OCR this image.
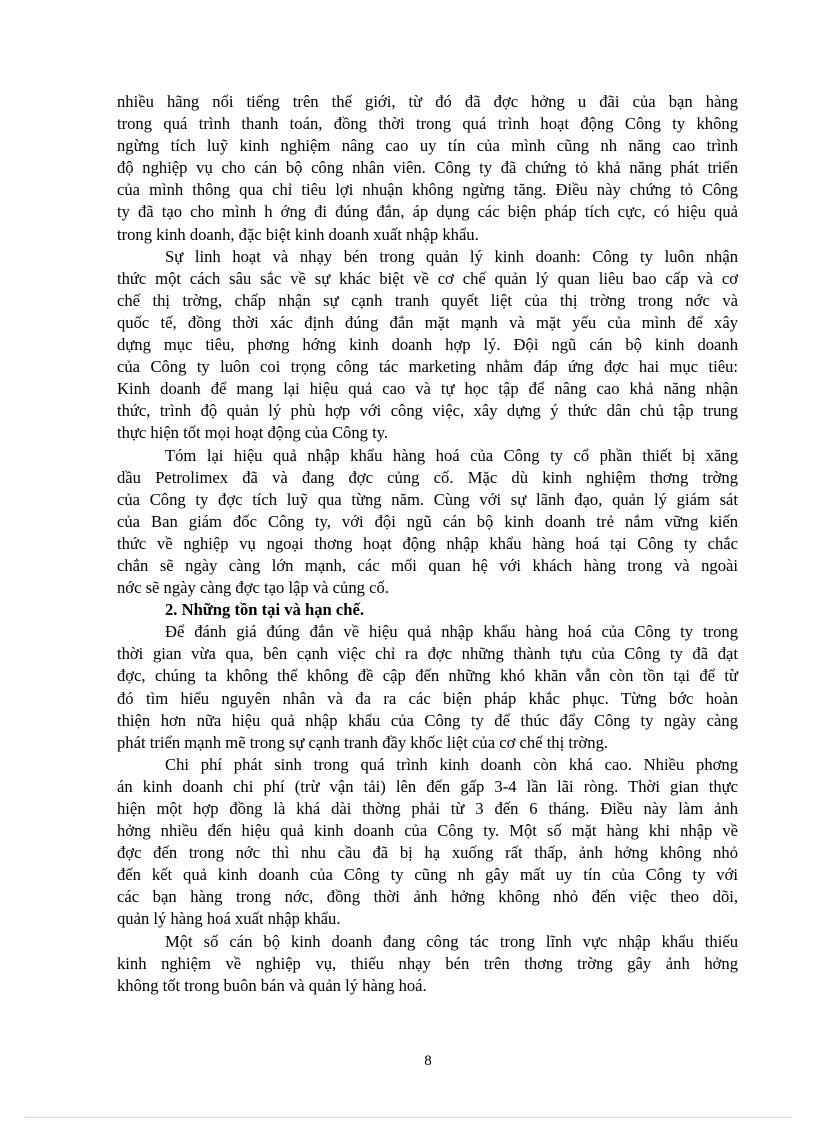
nhiều hãng nổi tiếng trên thế giới, từ đó đã đợc hởng u đãi của bạn hàng
trong quá trình thanh toán, đồng thời trong quá trình hoạt động Công ty không
ngừng tích luỹ kinh nghiệm nâng cao uy tín của mình cũng nh năng cao trình
độ nghiệp vụ cho cán bộ công nhân viên. Công ty đã chứng tỏ khả năng phát triển
của mình thông qua chỉ tiêu lợi nhuận không ngừng tăng. Điều này chứng tỏ Công
ty đã tạo cho mình h ớng đi đúng đắn, áp dụng các biện pháp tích cực, có hiệu quả
trong kinh doanh, đặc biệt kinh doanh xuất nhập khẩu.
Sự linh hoạt và nhạy bén trong quản lý kinh doanh: Công ty luôn nhận
thức một cách sâu sắc về sự khác biệt về cơ chế quản lý quan liêu bao cấp và cơ
chế thị trờng, chấp nhận sự cạnh tranh quyết liệt của thị trờng trong nớc và
quốc tế, đồng thời xác định đúng đắn mặt mạnh và mặt yếu của mình để xây
dựng mục tiêu, phơng hớng kinh doanh hợp lý. Đội ngũ cán bộ kinh doanh
của Công ty luôn coi trọng công tác marketing nhằm đáp ứng đợc hai mục tiêu:
Kinh doanh để mang lại hiệu quả cao và tự học tập để nâng cao khả năng nhận
thức, trình độ quản lý phù hợp với công việc, xây dựng ý thức dân chủ tập trung
thực hiện tốt mọi hoạt động của Công ty.
Tóm lại hiệu quả nhập khẩu hàng hoá của Công ty cổ phần thiết bị xăng
dầu Petrolimex đã và đang đợc củng cố. Mặc dù kinh nghiệm thơng trờng
của Công ty đợc tích luỹ qua từng năm. Cùng với sự lãnh đạo, quản lý giám sát
của Ban giám đốc Công ty, với đội ngũ cán bộ kinh doanh trẻ nắm vững kiến
thức về nghiệp vụ ngoại thơng hoạt động nhập khẩu hàng hoá tại Công ty chắc
chắn sẽ ngày càng lớn mạnh, các mối quan hệ với khách hàng trong và ngoài
nớc sẽ ngày càng đợc tạo lập và củng cố.
2. Những tồn tại và hạn chế.
Để đánh giá đúng đắn về hiệu quả nhập khẩu hàng hoá của Công ty trong
thời gian vừa qua, bên cạnh việc chỉ ra đợc những thành tựu của Công ty đã đạt
đợc, chúng ta không thể không đề cập đến những khó khăn vẫn còn tồn tại để từ
đó tìm hiểu nguyên nhân và đa ra các biện pháp khắc phục. Từng bớc hoàn
thiện hơn nữa hiệu quả nhập khẩu của Công ty để thúc đẩy Công ty ngày càng
phát triển mạnh mẽ trong sự cạnh tranh đầy khốc liệt của cơ chế thị trờng.
Chi phí phát sinh trong quá trình kinh doanh còn khá cao. Nhiều phơng
án kinh doanh chi phí (trừ vận tải) lên đến gấp 3-4 lần lãi ròng. Thời gian thực
hiện một hợp đồng là khá dài thờng phải từ 3 đến 6 tháng. Điều này làm ảnh
hởng nhiều đến hiệu quả kinh doanh của Công ty. Một số mặt hàng khi nhập về
đợc đến trong nớc thì nhu cầu đã bị hạ xuống rất thấp, ảnh hởng không nhỏ
đến kết quả kinh doanh của Công ty cũng nh gây mất uy tín của Công ty với
các bạn hàng trong nớc, đồng thời ảnh hởng không nhỏ đến việc theo dõi,
quản lý hàng hoá xuất nhập khẩu.
Một số cán bộ kinh doanh đang công tác trong lĩnh vực nhập khẩu thiếu
kinh nghiệm về nghiệp vụ, thiếu nhạy bén trên thơng trờng gây ảnh hởng
không tốt trong buôn bán và quản lý hàng hoá.
8
